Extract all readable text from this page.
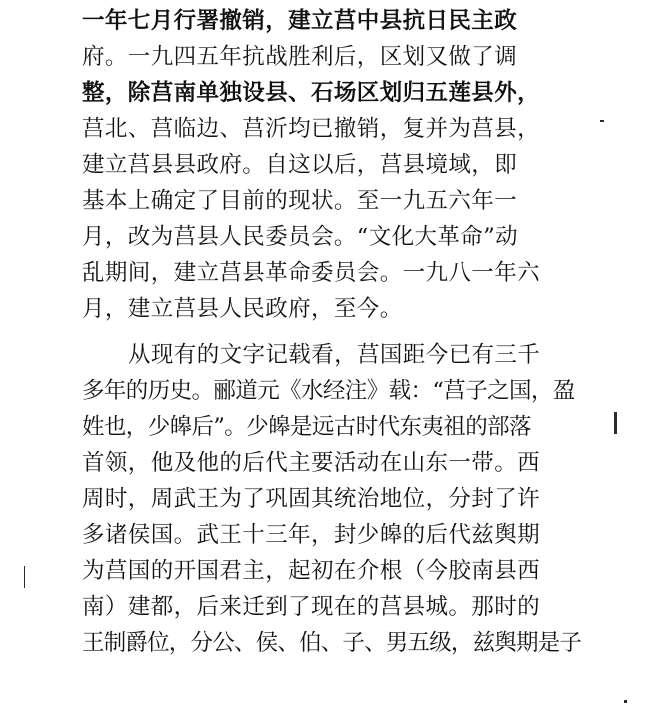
一年七月行署撤销，建立莒中县抗日民主政
府。一九四五年抗战胜利后，区划又做了调
整，除莒南单独设县、石场区划归五莲县外，
莒北、莒临边、莒沂均已撤销，复并为莒县，
建立莒县县政府。自这以后，莒县境域，即
基本上确定了目前的现状。至一九五六年一
月，改为莒县人民委员会。“文化大革命”动
乱期间，建立莒县革命委员会。一九八一年六
月，建立莒县人民政府，至今。
从现有的文字记载看，莒国距今已有三千
多年的历史。郦道元《水经注》载：“莒子之国，盈
姓也，少皞后”。少皞是远古时代东夷祖的部落
首领，他及他的后代主要活动在山东一带。西
周时，周武王为了巩固其统治地位，分封了许
多诸侯国。武王十三年，封少皞的后代兹舆期
为莒国的开国君主，起初在介根（今胶南县西
南）建都，后来迁到了现在的莒县城。那时的
王制爵位，分公、侯、伯、子、男五级，兹舆期是子
